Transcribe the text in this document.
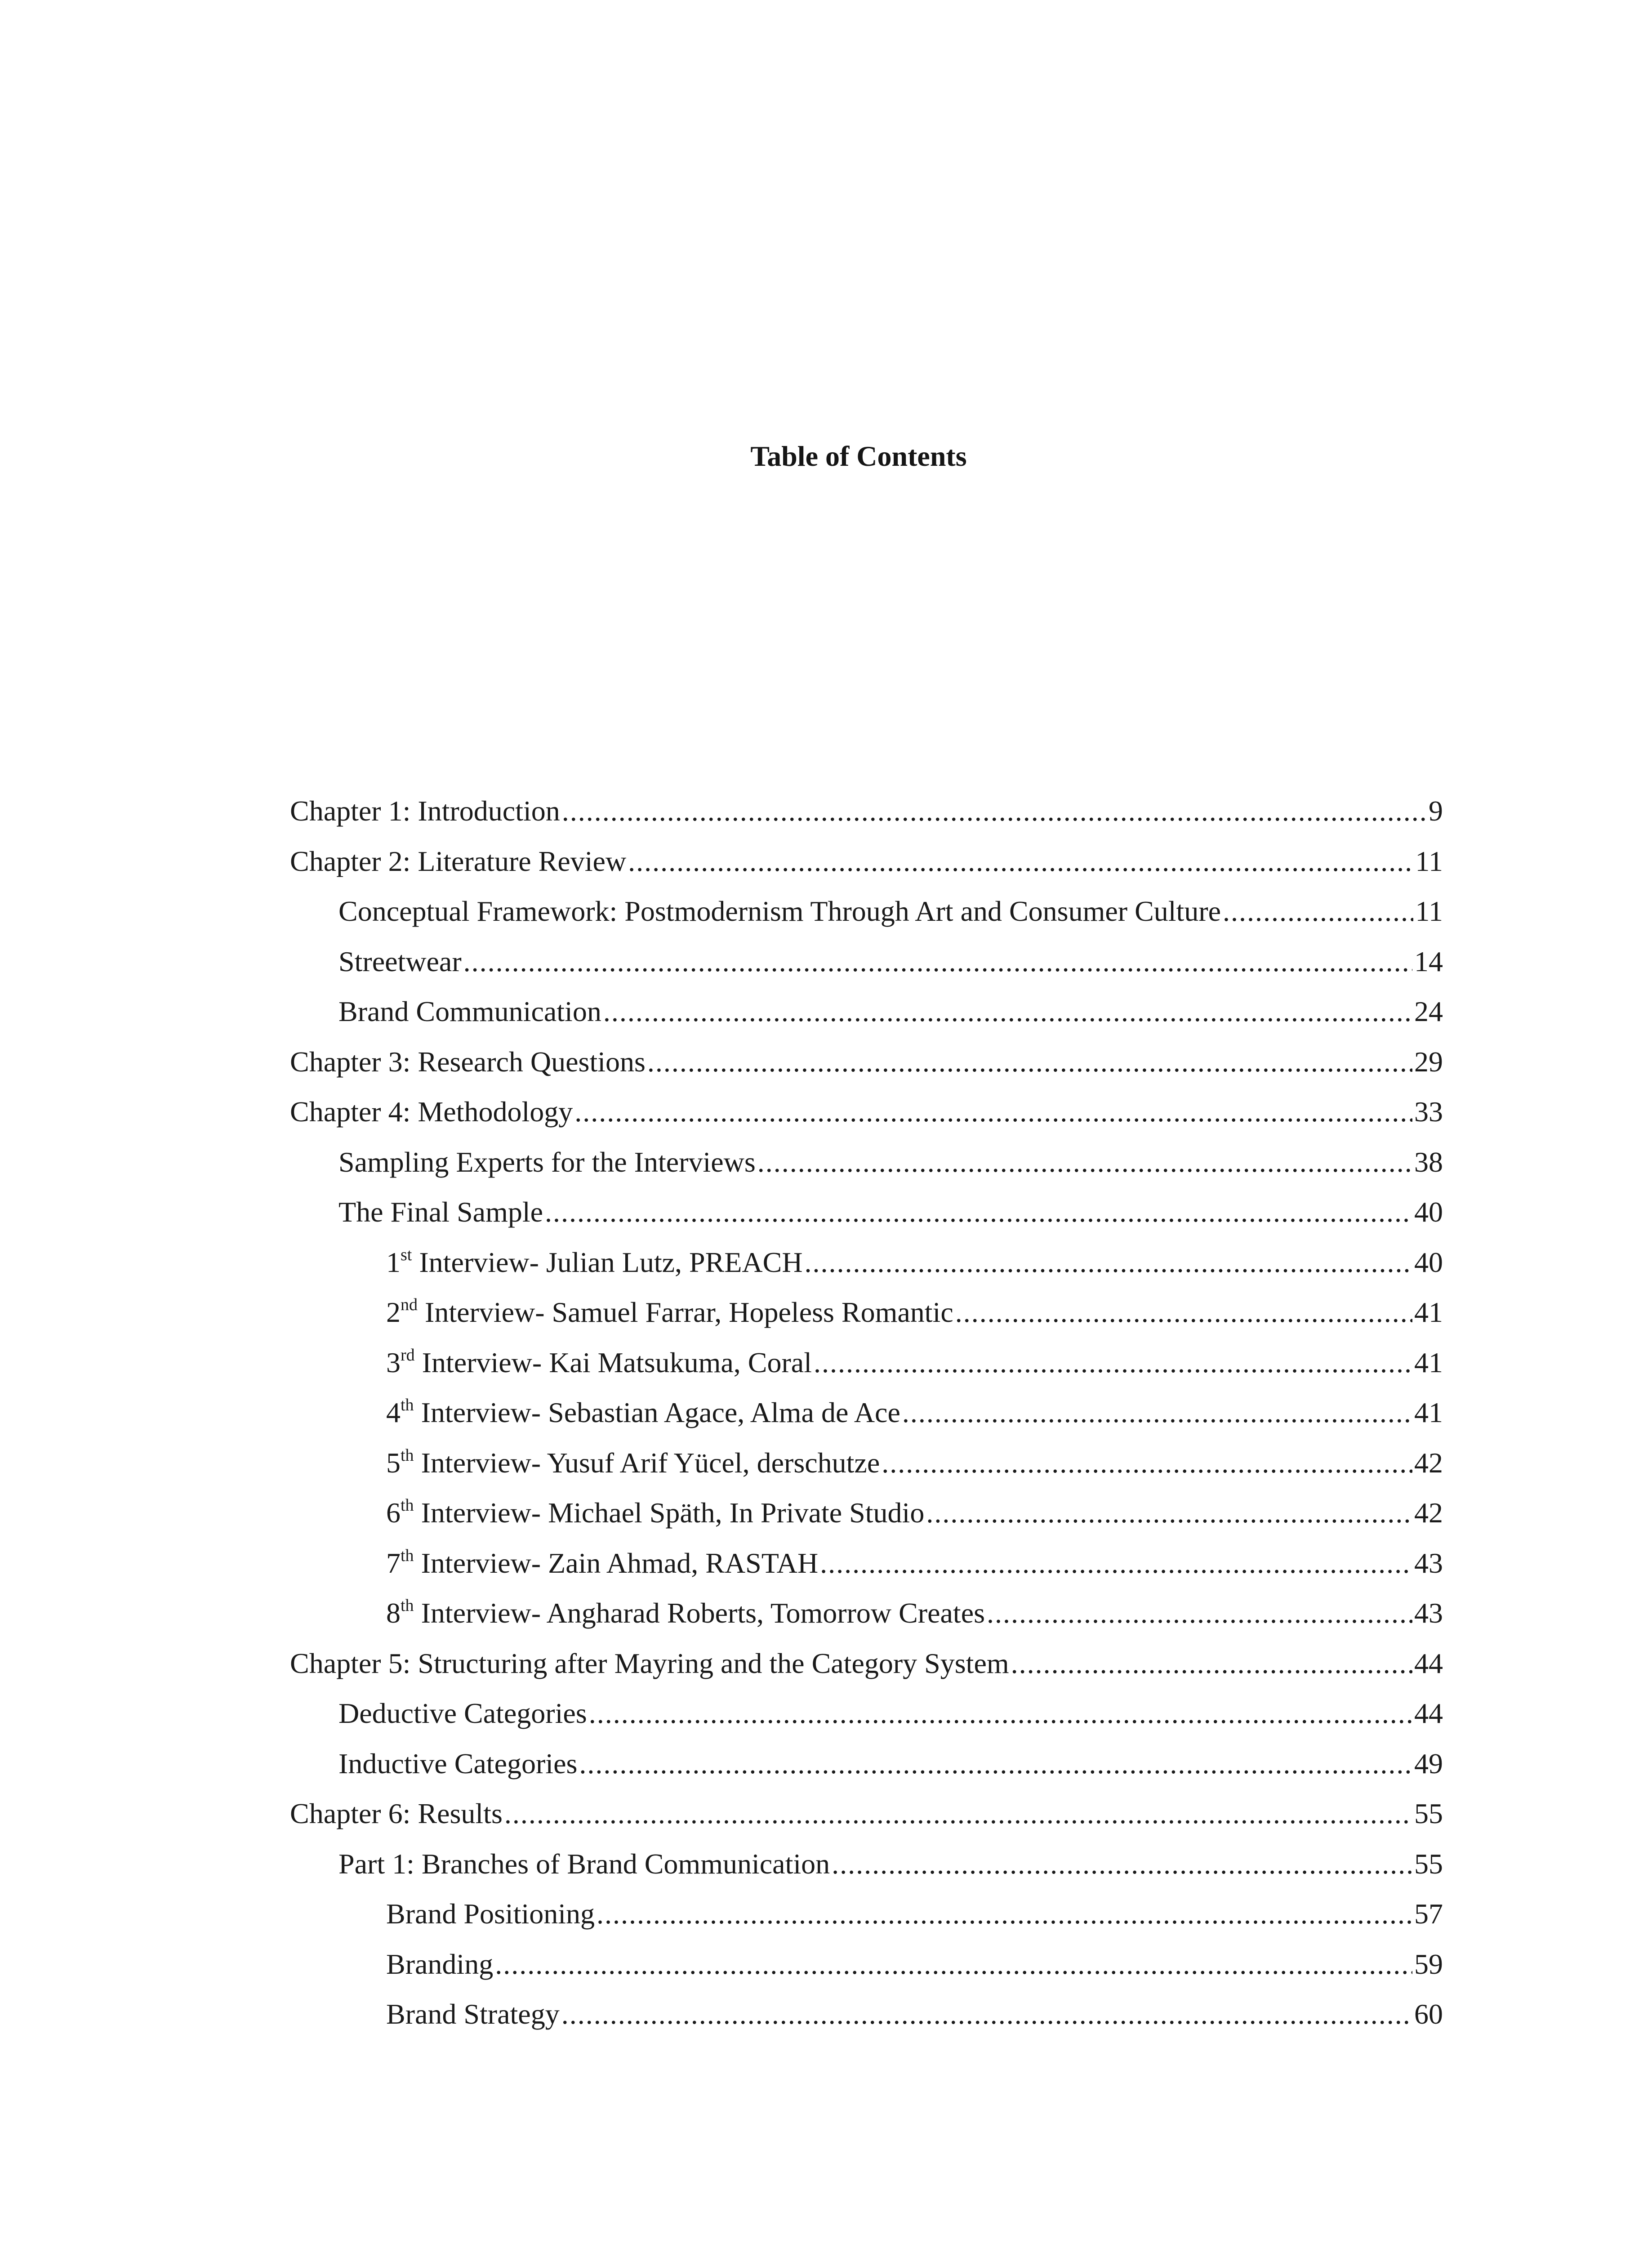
Table of Contents
Chapter 1: Introduction .....	9
Chapter 2: Literature Review .....	11
Conceptual Framework: Postmodernism Through Art and Consumer Culture .....	11
Streetwear .....	14
Brand Communication .....	24
Chapter 3: Research Questions .....	29
Chapter 4: Methodology .....	33
Sampling Experts for the Interviews .....	38
The Final Sample .....	40
1st Interview- Julian Lutz, PREACH .....	40
2nd Interview- Samuel Farrar, Hopeless Romantic .....	41
3rd Interview- Kai Matsukuma, Coral .....	41
4th Interview- Sebastian Agace, Alma de Ace .....	41
5th Interview- Yusuf Arif Yücel, derschutze .....	42
6th Interview- Michael Späth, In Private Studio .....	42
7th Interview- Zain Ahmad, RASTAH .....	43
8th Interview- Angharad Roberts, Tomorrow Creates .....	43
Chapter 5: Structuring after Mayring and the Category System .....	44
Deductive Categories .....	44
Inductive Categories .....	49
Chapter 6: Results .....	55
Part 1: Branches of Brand Communication .....	55
Brand Positioning .....	57
Branding .....	59
Brand Strategy .....	60
